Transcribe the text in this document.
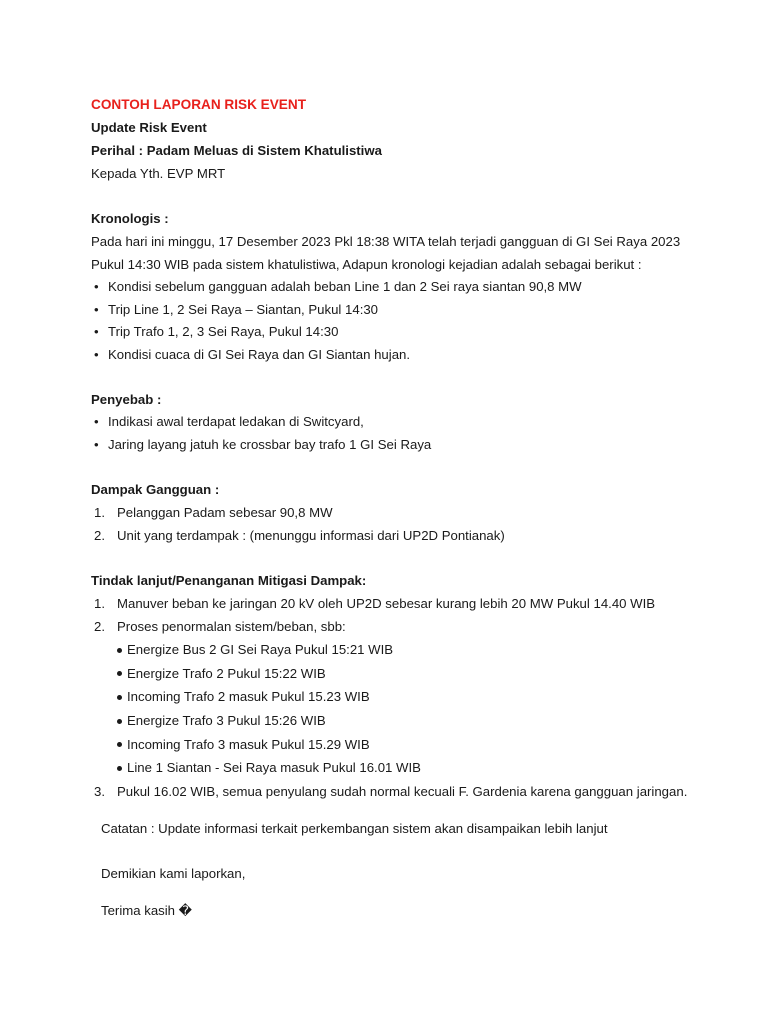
CONTOH LAPORAN RISK EVENT
Update Risk Event
Perihal : Padam Meluas di Sistem Khatulistiwa
Kepada Yth. EVP MRT
Kronologis :
Pada hari ini minggu, 17 Desember 2023 Pkl 18:38 WITA telah terjadi gangguan di GI Sei Raya 2023
Pukul 14:30 WIB pada sistem khatulistiwa, Adapun kronologi kejadian adalah sebagai berikut :
• Kondisi sebelum gangguan adalah beban Line 1 dan 2 Sei raya siantan 90,8 MW
• Trip Line 1, 2 Sei Raya – Siantan, Pukul 14:30
• Trip Trafo 1, 2, 3 Sei Raya, Pukul 14:30
• Kondisi cuaca di GI Sei Raya dan GI Siantan hujan.
Penyebab :
• Indikasi awal terdapat ledakan di Switcyard,
• Jaring layang jatuh ke crossbar bay trafo 1 GI Sei Raya
Dampak Gangguan :
1. Pelanggan Padam sebesar 90,8 MW
2. Unit yang terdampak : (menunggu informasi dari UP2D Pontianak)
Tindak lanjut/Penanganan Mitigasi Dampak:
1. Manuver beban ke jaringan 20 kV oleh UP2D sebesar kurang lebih 20 MW Pukul 14.40 WIB
2. Proses penormalan sistem/beban, sbb:
Energize Bus 2 GI Sei Raya Pukul 15:21 WIB
Energize Trafo 2 Pukul 15:22 WIB
Incoming Trafo 2 masuk Pukul 15.23 WIB
Energize Trafo 3 Pukul 15:26 WIB
Incoming Trafo 3 masuk Pukul 15.29 WIB
Line 1 Siantan - Sei Raya masuk Pukul 16.01 WIB
3. Pukul 16.02 WIB, semua penyulang sudah normal kecuali F. Gardenia karena gangguan jaringan.
Catatan : Update informasi terkait perkembangan sistem akan disampaikan lebih lanjut
Demikian kami laporkan,
Terima kasih �
